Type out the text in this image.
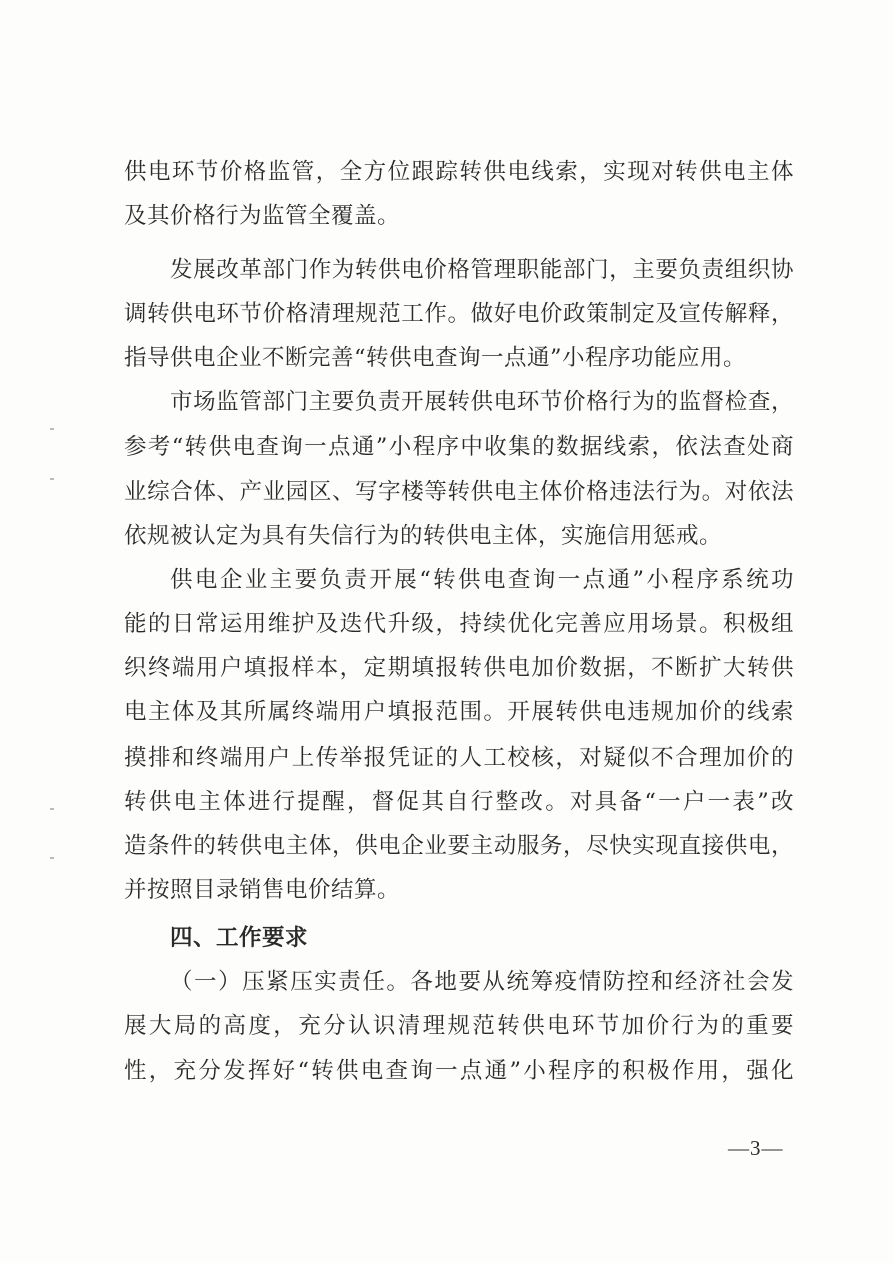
供电环节价格监管，全方位跟踪转供电线索，实现对转供电主体
及其价格行为监管全覆盖。
发展改革部门作为转供电价格管理职能部门，主要负责组织协
调转供电环节价格清理规范工作。做好电价政策制定及宣传解释，
指导供电企业不断完善“转供电查询一点通”小程序功能应用。
市场监管部门主要负责开展转供电环节价格行为的监督检查，
参考“转供电查询一点通”小程序中收集的数据线索，依法查处商
业综合体、产业园区、写字楼等转供电主体价格违法行为。对依法
依规被认定为具有失信行为的转供电主体，实施信用惩戒。
供电企业主要负责开展“转供电查询一点通”小程序系统功
能的日常运用维护及迭代升级，持续优化完善应用场景。积极组
织终端用户填报样本，定期填报转供电加价数据，不断扩大转供
电主体及其所属终端用户填报范围。开展转供电违规加价的线索
摸排和终端用户上传举报凭证的人工校核，对疑似不合理加价的
转供电主体进行提醒，督促其自行整改。对具备“一户一表”改
造条件的转供电主体，供电企业要主动服务，尽快实现直接供电，
并按照目录销售电价结算。
四、工作要求
（一）压紧压实责任。各地要从统筹疫情防控和经济社会发
展大局的高度，充分认识清理规范转供电环节加价行为的重要
性，充分发挥好“转供电查询一点通”小程序的积极作用，强化
—3—
